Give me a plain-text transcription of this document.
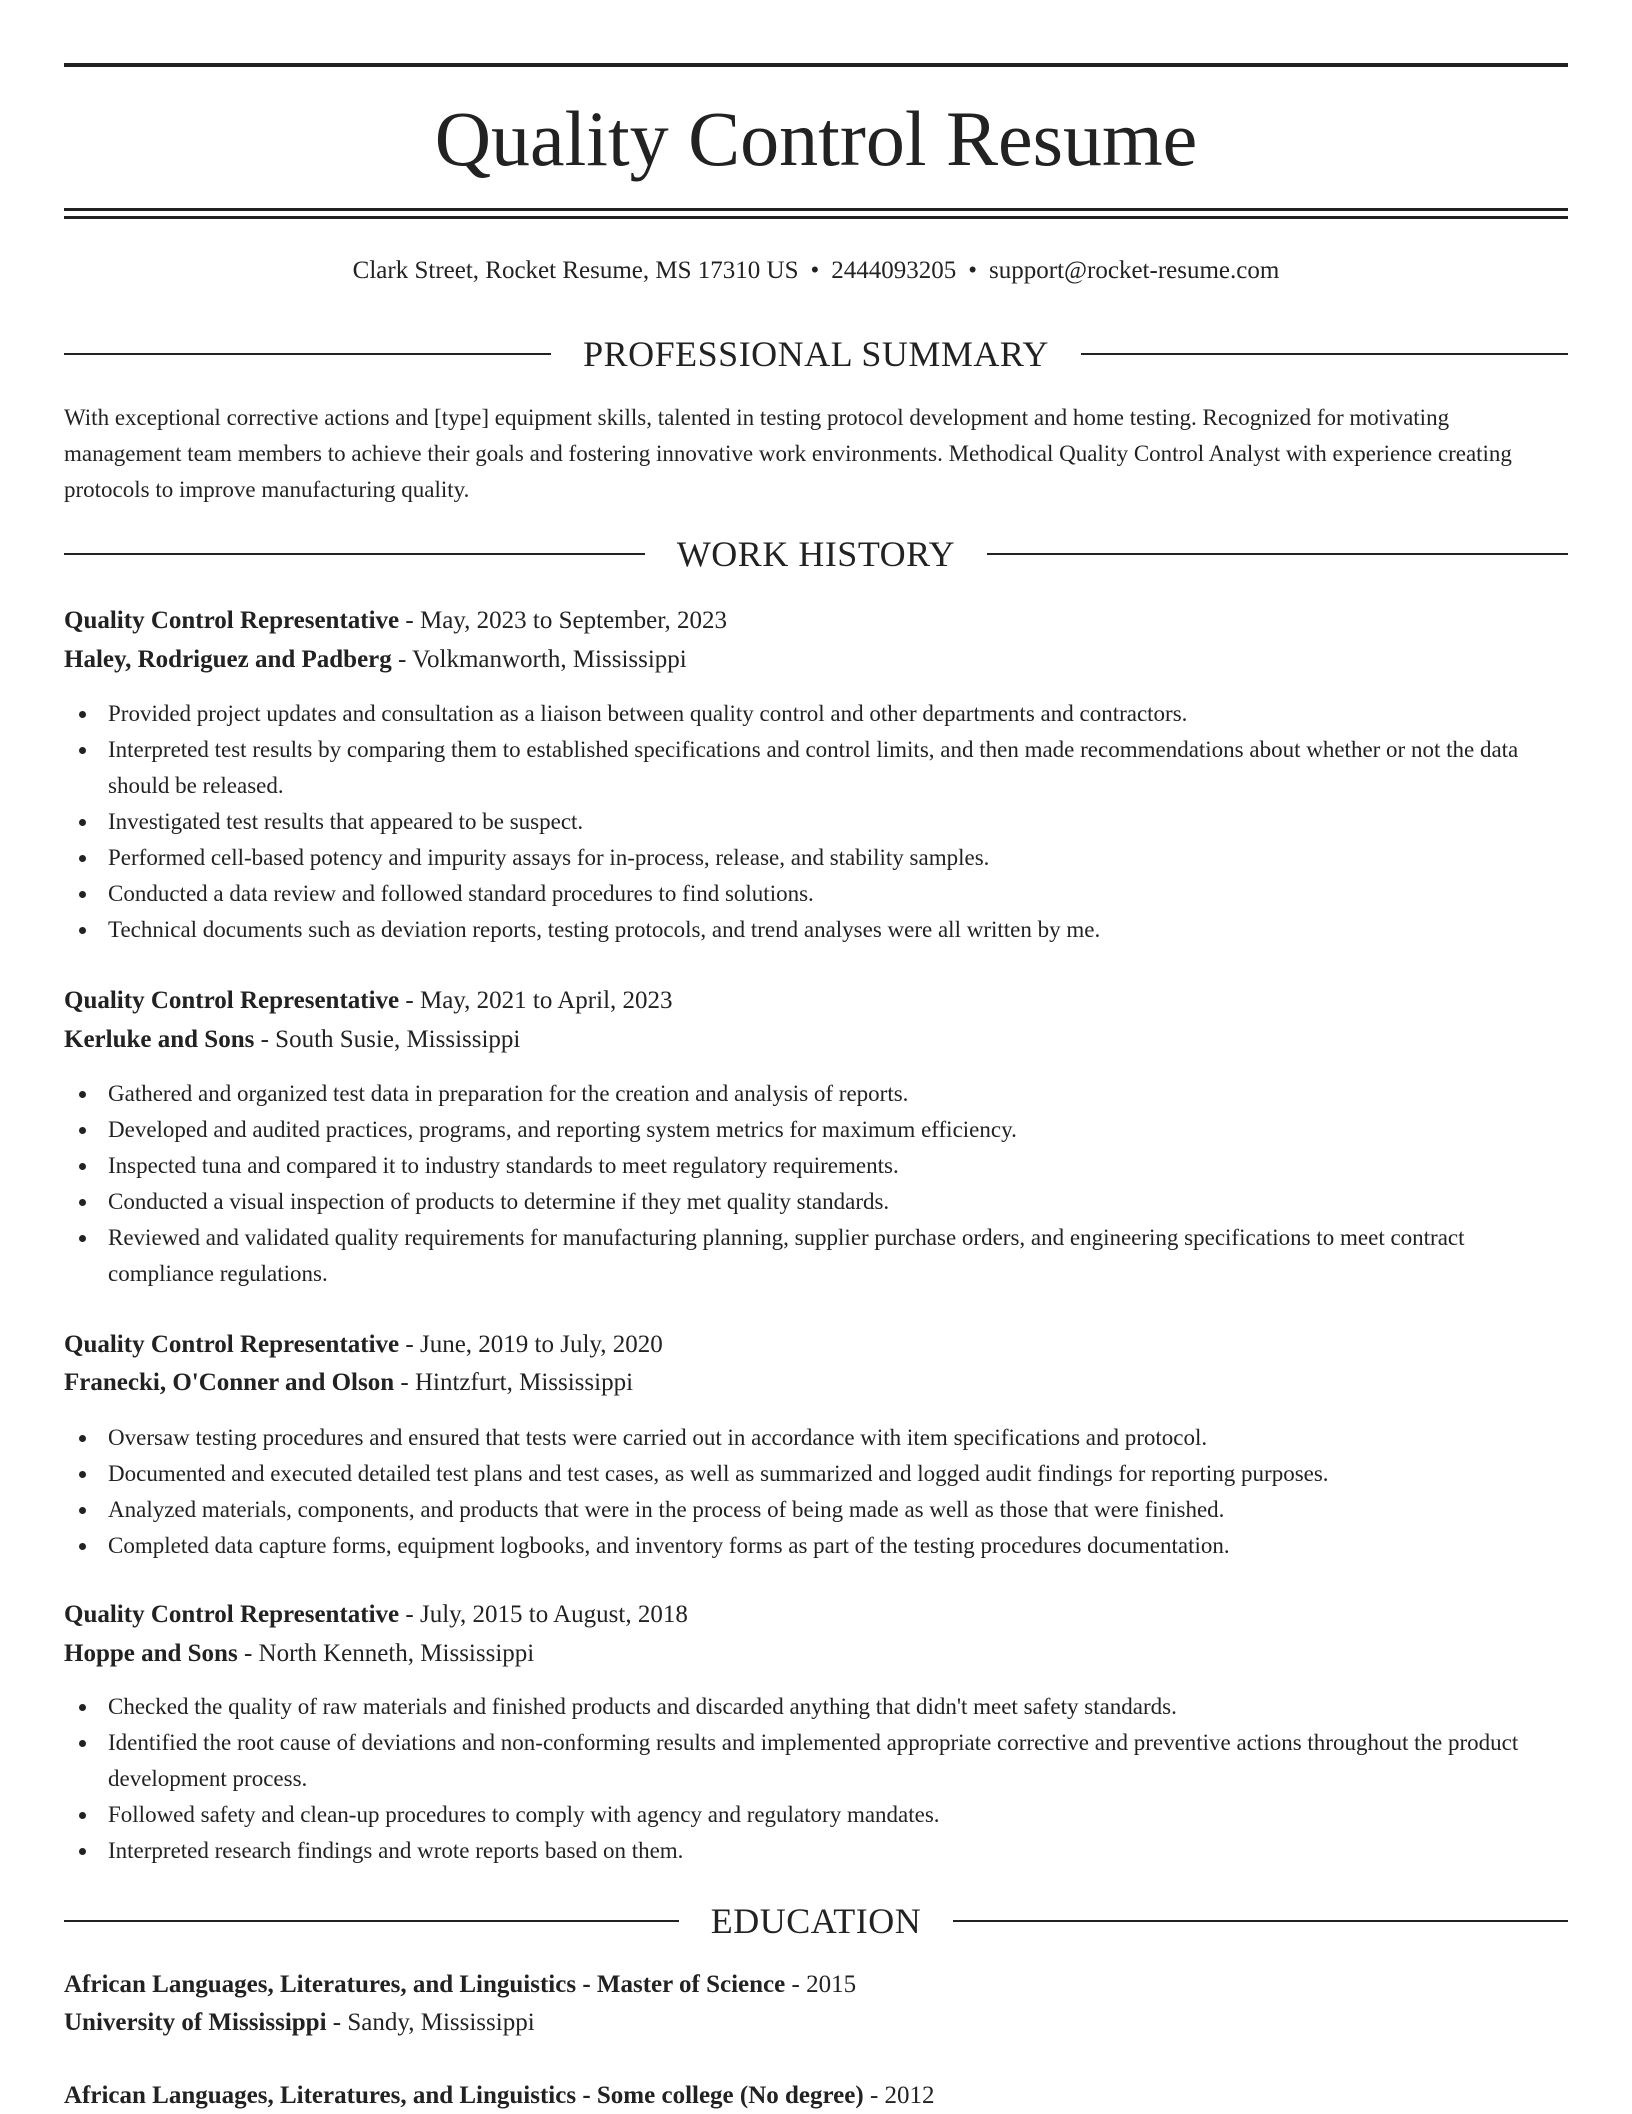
Quality Control Resume
Clark Street, Rocket Resume, MS 17310 US • 2444093205 • support@rocket-resume.com
PROFESSIONAL SUMMARY

With exceptional corrective actions and [type] equipment skills, talented in testing protocol development and home testing. Recognized for motivating management team members to achieve their goals and fostering innovative work environments. Methodical Quality Control Analyst with experience creating protocols to improve manufacturing quality.

WORK HISTORY
Quality Control Representative - May, 2023 to September, 2023
Haley, Rodriguez and Padberg - Volkmanworth, Mississippi
Provided project updates and consultation as a liaison between quality control and other departments and contractors.
Interpreted test results by comparing them to established specifications and control limits, and then made recommendations about whether or not the data should be released.
Investigated test results that appeared to be suspect.
Performed cell-based potency and impurity assays for in-process, release, and stability samples.
Conducted a data review and followed standard procedures to find solutions.
Technical documents such as deviation reports, testing protocols, and trend analyses were all written by me.
Quality Control Representative - May, 2021 to April, 2023
Kerluke and Sons - South Susie, Mississippi
Gathered and organized test data in preparation for the creation and analysis of reports.
Developed and audited practices, programs, and reporting system metrics for maximum efficiency.
Inspected tuna and compared it to industry standards to meet regulatory requirements.
Conducted a visual inspection of products to determine if they met quality standards.
Reviewed and validated quality requirements for manufacturing planning, supplier purchase orders, and engineering specifications to meet contract compliance regulations.
Quality Control Representative - June, 2019 to July, 2020
Franecki, O'Conner and Olson - Hintzfurt, Mississippi
Oversaw testing procedures and ensured that tests were carried out in accordance with item specifications and protocol.
Documented and executed detailed test plans and test cases, as well as summarized and logged audit findings for reporting purposes.
Analyzed materials, components, and products that were in the process of being made as well as those that were finished.
Completed data capture forms, equipment logbooks, and inventory forms as part of the testing procedures documentation.
Quality Control Representative - July, 2015 to August, 2018
Hoppe and Sons - North Kenneth, Mississippi
Checked the quality of raw materials and finished products and discarded anything that didn't meet safety standards.
Identified the root cause of deviations and non-conforming results and implemented appropriate corrective and preventive actions throughout the product development process.
Followed safety and clean-up procedures to comply with agency and regulatory mandates.
Interpreted research findings and wrote reports based on them.
EDUCATION
African Languages, Literatures, and Linguistics - Master of Science - 2015
University of Mississippi - Sandy, Mississippi
African Languages, Literatures, and Linguistics - Some college (No degree) - 2012
